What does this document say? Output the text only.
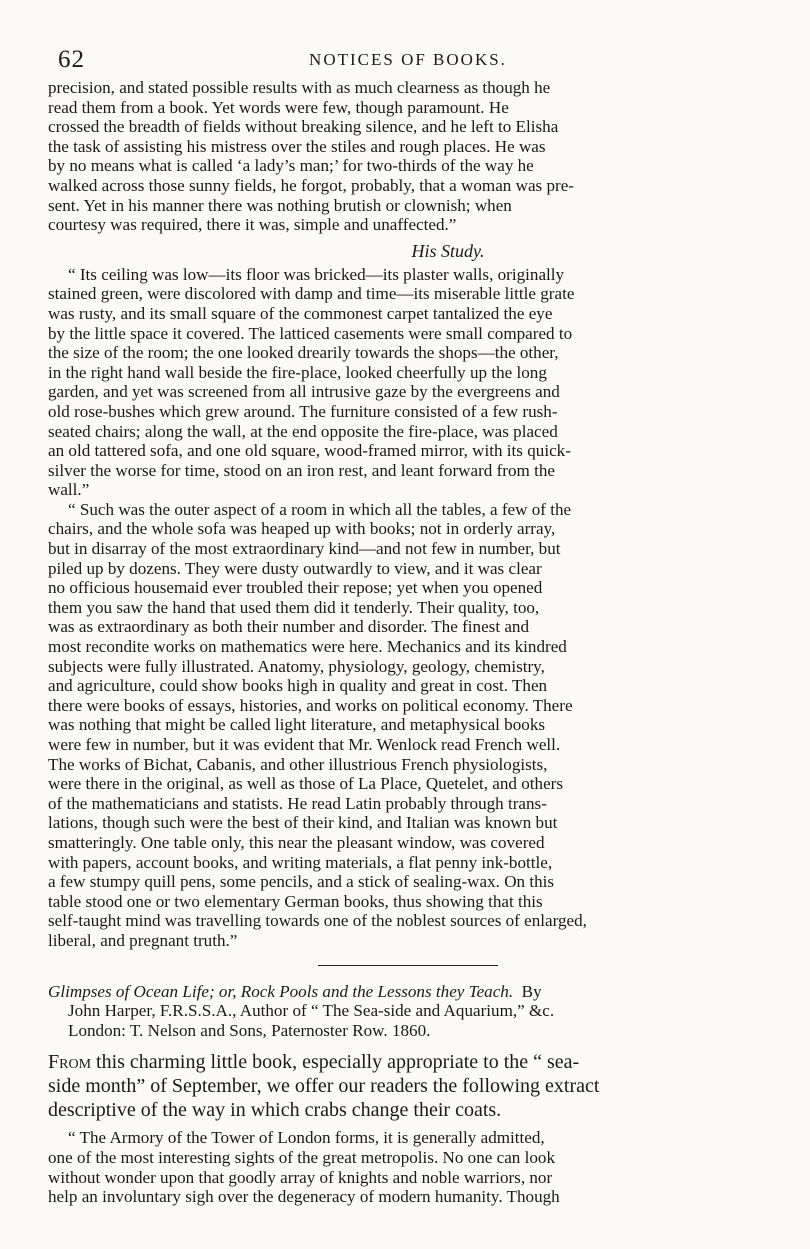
62	NOTICES OF BOOKS.
precision, and stated possible results with as much clearness as though he
read them from a book. Yet words were few, though paramount. He
crossed the breadth of fields without breaking silence, and he left to Elisha
the task of assisting his mistress over the stiles and rough places. He was
by no means what is called ‘a lady’s man;’ for two-thirds of the way he
walked across those sunny fields, he forgot, probably, that a woman was pre-
sent. Yet in his manner there was nothing brutish or clownish; when
courtesy was required, there it was, simple and unaffected.”
His Study.
“ Its ceiling was low—its floor was bricked—its plaster walls, originally
stained green, were discolored with damp and time—its miserable little grate
was rusty, and its small square of the commonest carpet tantalized the eye
by the little space it covered. The latticed casements were small compared to
the size of the room; the one looked drearily towards the shops—the other,
in the right hand wall beside the fire-place, looked cheerfully up the long
garden, and yet was screened from all intrusive gaze by the evergreens and
old rose-bushes which grew around. The furniture consisted of a few rush-
seated chairs; along the wall, at the end opposite the fire-place, was placed
an old tattered sofa, and one old square, wood-framed mirror, with its quick-
silver the worse for time, stood on an iron rest, and leant forward from the
wall.”
“ Such was the outer aspect of a room in which all the tables, a few of the
chairs, and the whole sofa was heaped up with books; not in orderly array,
but in disarray of the most extraordinary kind—and not few in number, but
piled up by dozens. They were dusty outwardly to view, and it was clear
no officious housemaid ever troubled their repose; yet when you opened
them you saw the hand that used them did it tenderly. Their quality, too,
was as extraordinary as both their number and disorder. The finest and
most recondite works on mathematics were here. Mechanics and its kindred
subjects were fully illustrated. Anatomy, physiology, geology, chemistry,
and agriculture, could show books high in quality and great in cost. Then
there were books of essays, histories, and works on political economy. There
was nothing that might be called light literature, and metaphysical books
were few in number, but it was evident that Mr. Wenlock read French well.
The works of Bichat, Cabanis, and other illustrious French physiologists,
were there in the original, as well as those of La Place, Quetelet, and others
of the mathematicians and statists. He read Latin probably through trans-
lations, though such were the best of their kind, and Italian was known but
smatteringly. One table only, this near the pleasant window, was covered
with papers, account books, and writing materials, a flat penny ink-bottle,
a few stumpy quill pens, some pencils, and a stick of sealing-wax. On this
table stood one or two elementary German books, thus showing that this
self-taught mind was travelling towards one of the noblest sources of enlarged,
liberal, and pregnant truth.”
Glimpses of Ocean Life; or, Rock Pools and the Lessons they Teach. By
John Harper, F.R.S.S.A., Author of “ The Sea-side and Aquarium,” &c.
London: T. Nelson and Sons, Paternoster Row. 1860.
From this charming little book, especially appropriate to the “ sea-
side month” of September, we offer our readers the following extract
descriptive of the way in which crabs change their coats.
“ The Armory of the Tower of London forms, it is generally admitted,
one of the most interesting sights of the great metropolis. No one can look
without wonder upon that goodly array of knights and noble warriors, nor
help an involuntary sigh over the degeneracy of modern humanity. Though
